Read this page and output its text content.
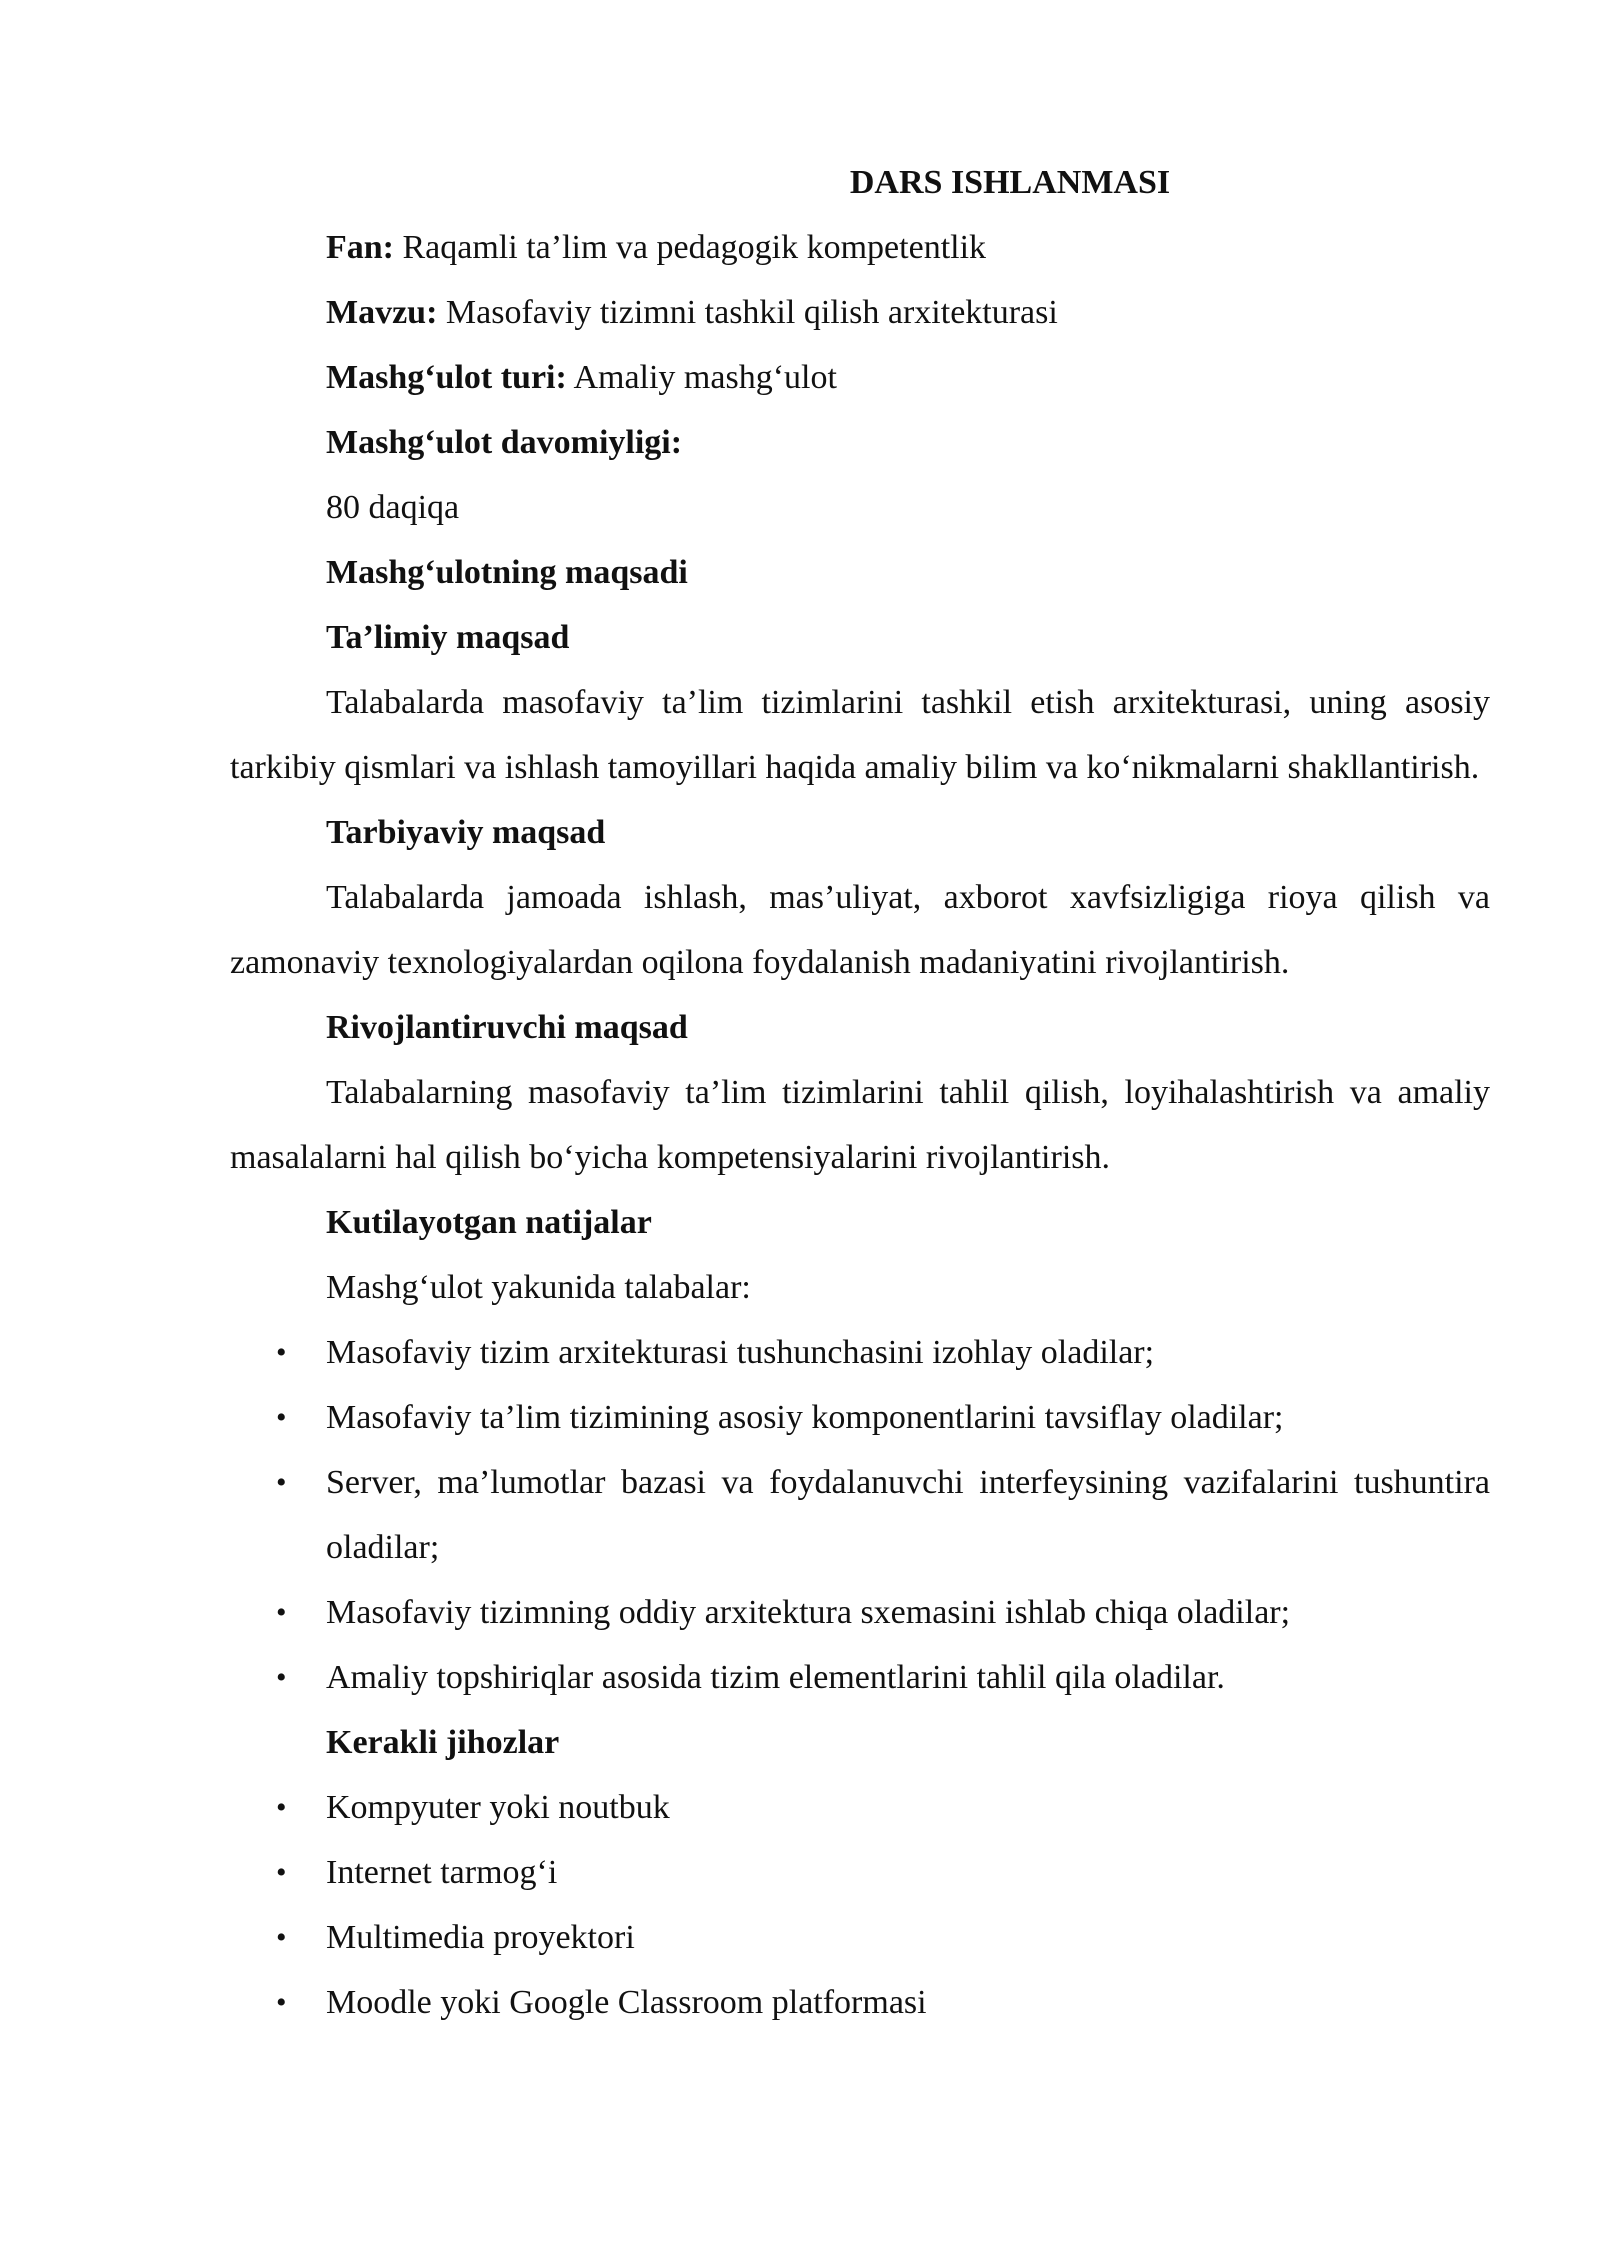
DARS ISHLANMASI
Fan: Raqamli ta’lim va pedagogik kompetentlik
Mavzu: Masofaviy tizimni tashkil qilish arxitekturasi
Mashg‘ulot turi: Amaliy mashg‘ulot
Mashg‘ulot davomiyligi:
80 daqiqa
Mashg‘ulotning maqsadi
Ta’limiy maqsad
Talabalarda masofaviy ta’lim tizimlarini tashkil etish arxitekturasi, uning asosiy tarkibiy qismlari va ishlash tamoyillari haqida amaliy bilim va ko‘nikmalarni shakllantirish.
Tarbiyaviy maqsad
Talabalarda jamoada ishlash, mas’uliyat, axborot xavfsizligiga rioya qilish va zamonaviy texnologiyalardan oqilona foydalanish madaniyatini rivojlantirish.
Rivojlantiruvchi maqsad
Talabalarning masofaviy ta’lim tizimlarini tahlil qilish, loyihalashtirish va amaliy masalalarni hal qilish bo‘yicha kompetensiyalarini rivojlantirish.
Kutilayotgan natijalar
Mashg‘ulot yakunida talabalar:
• Masofaviy tizim arxitekturasi tushunchasini izohlay oladilar;
• Masofaviy ta’lim tizimining asosiy komponentlarini tavsiflay oladilar;
• Server, ma’lumotlar bazasi va foydalanuvchi interfeysining vazifalarini tushuntira oladilar;
• Masofaviy tizimning oddiy arxitektura sxemasini ishlab chiqa oladilar;
• Amaliy topshiriqlar asosida tizim elementlarini tahlil qila oladilar.
Kerakli jihozlar
• Kompyuter yoki noutbuk
• Internet tarmog‘i
• Multimedia proyektori
• Moodle yoki Google Classroom platformasi
